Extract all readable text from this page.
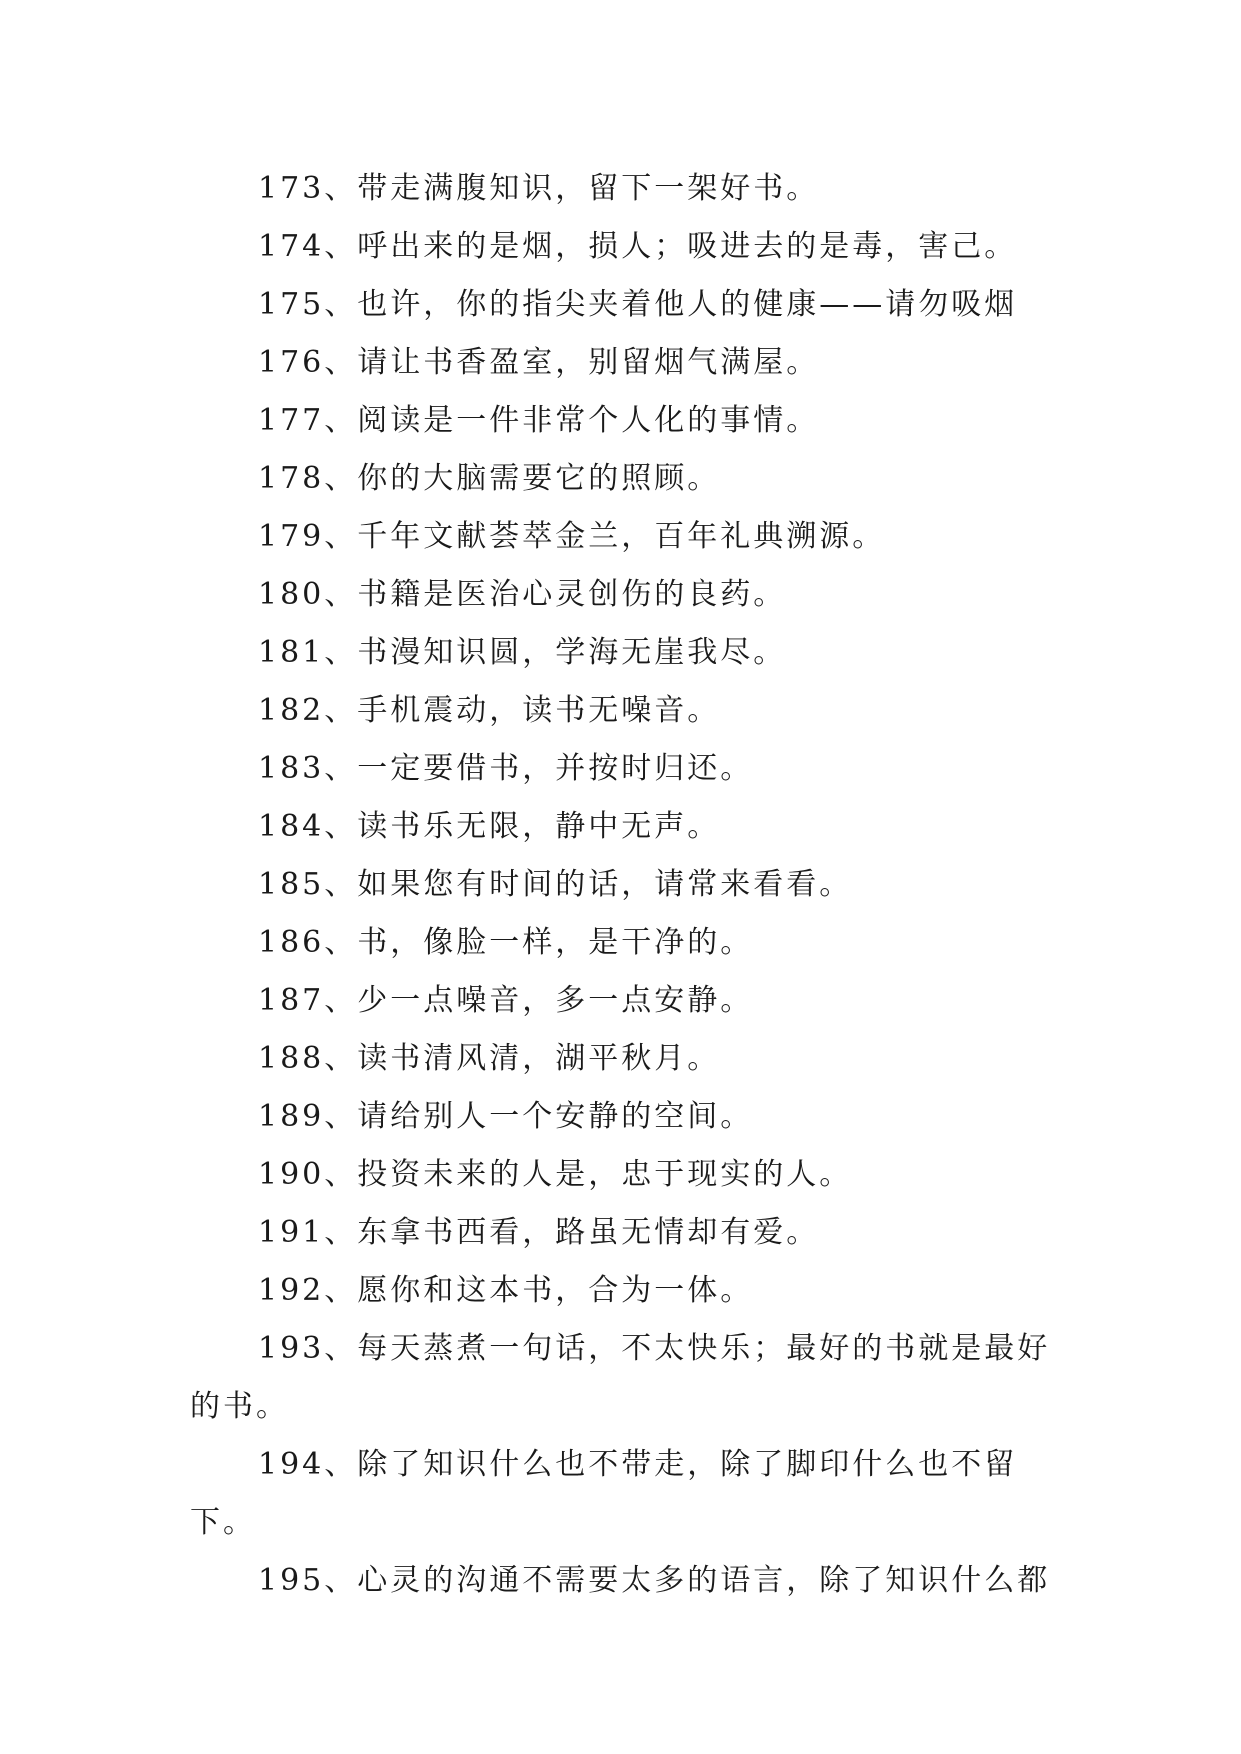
173、带走满腹知识，留下一架好书。

174、呼出来的是烟，损人；吸进去的是毒，害己。

175、也许，你的指尖夹着他人的健康——请勿吸烟

176、请让书香盈室，别留烟气满屋。

177、阅读是一件非常个人化的事情。

178、你的大脑需要它的照顾。

179、千年文献荟萃金兰，百年礼典溯源。

180、书籍是医治心灵创伤的良药。

181、书漫知识圆，学海无崖我尽。

182、手机震动，读书无噪音。

183、一定要借书，并按时归还。

184、读书乐无限，静中无声。

185、如果您有时间的话，请常来看看。

186、书，像脸一样，是干净的。

187、少一点噪音，多一点安静。

188、读书清风清，湖平秋月。

189、请给别人一个安静的空间。

190、投资未来的人是，忠于现实的人。

191、东拿书西看，路虽无情却有爱。

192、愿你和这本书，合为一体。

193、每天蒸煮一句话，不太快乐；最好的书就是最好的书。

194、除了知识什么也不带走，除了脚印什么也不留下。

195、心灵的沟通不需要太多的语言，除了知识什么都
